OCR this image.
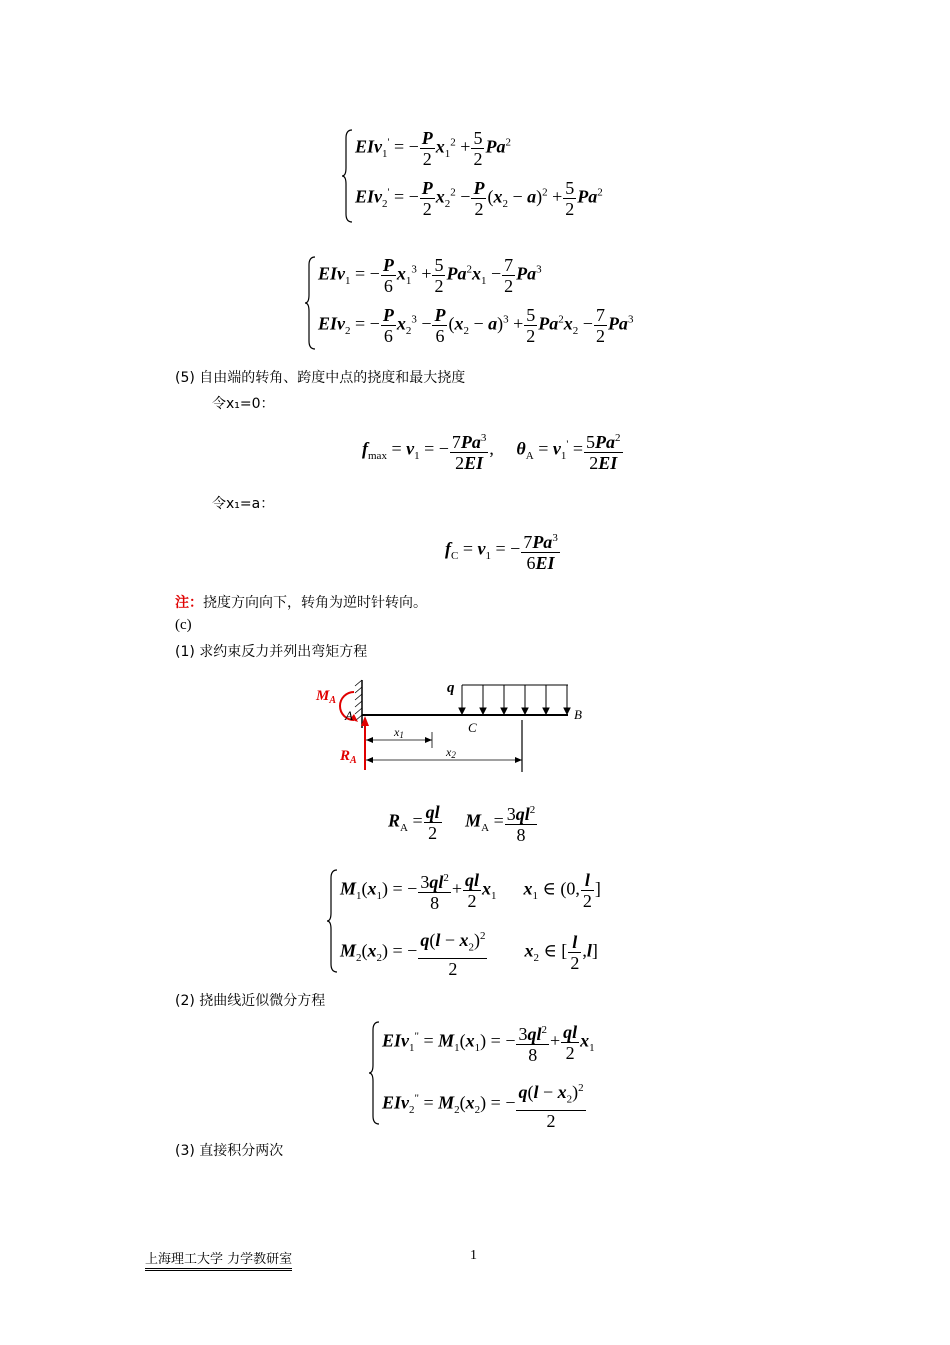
EIv$_1$' = − $\frac{P}{2} x_1^2 + \frac{5}{2} Pa^2$
EIv$_2$' = − $\frac{P}{2} x_2^2 - \frac{P}{2} (x_2 - a)^2 + \frac{5}{2} Pa^2$
EIv$_1$ = − $\frac{P}{6} x_1^3 + \frac{5}{2} Pa^2x_1 - \frac{7}{2} Pa^3$
EIv$_2$ = − $\frac{P}{6} x_2^3 - \frac{P}{6} (x_2 - a)^3 + \frac{5}{2} Pa^2x_2 - \frac{7}{2} Pa^3$
(5) 自由端的转角、跨度中点的挠度和最大挠度
令x₁=0：
$f_{max} = v_1$ = − $\frac{7Pa^3}{2EI}$ ,     $\theta_A = v_1' = \frac{5Pa^2}{2EI}$
令x₁=a：
$f_C = v_1$ = − $\frac{7Pa^3}{6EI}$
注：挠度方向向下，转角为逆时针转向。
(c)
(1) 求约束反力并列出弯矩方程
$M_A$
$R_A$
A	B
C
q
x1
x2
$R_A = \frac{ql}{2} M_A = \frac{3ql^2}{8}$
$M_1(x_1)$ = − $\frac{3ql^2}{8} + \frac{ql}{2} x_1$      $x_1$ ∈ (0, $\frac{l}{2}$ ]
$M_2(x_2)$ = − $\frac{q(l - x_2)^2}{2} x_2$ ∈ [ $\frac{l}{2} ,l$]
(2) 挠曲线近似微分方程
$EIv_1^" = M_1(x_1)$ = − $\frac{3ql^2}{8} + \frac{ql}{2} x_1$
$EIv_2^" = M_2(x_2)$ = − $\frac{q(l - x_2)^2}{2}$
(3) 直接积分两次
上海理工大学 力学教研室	1
